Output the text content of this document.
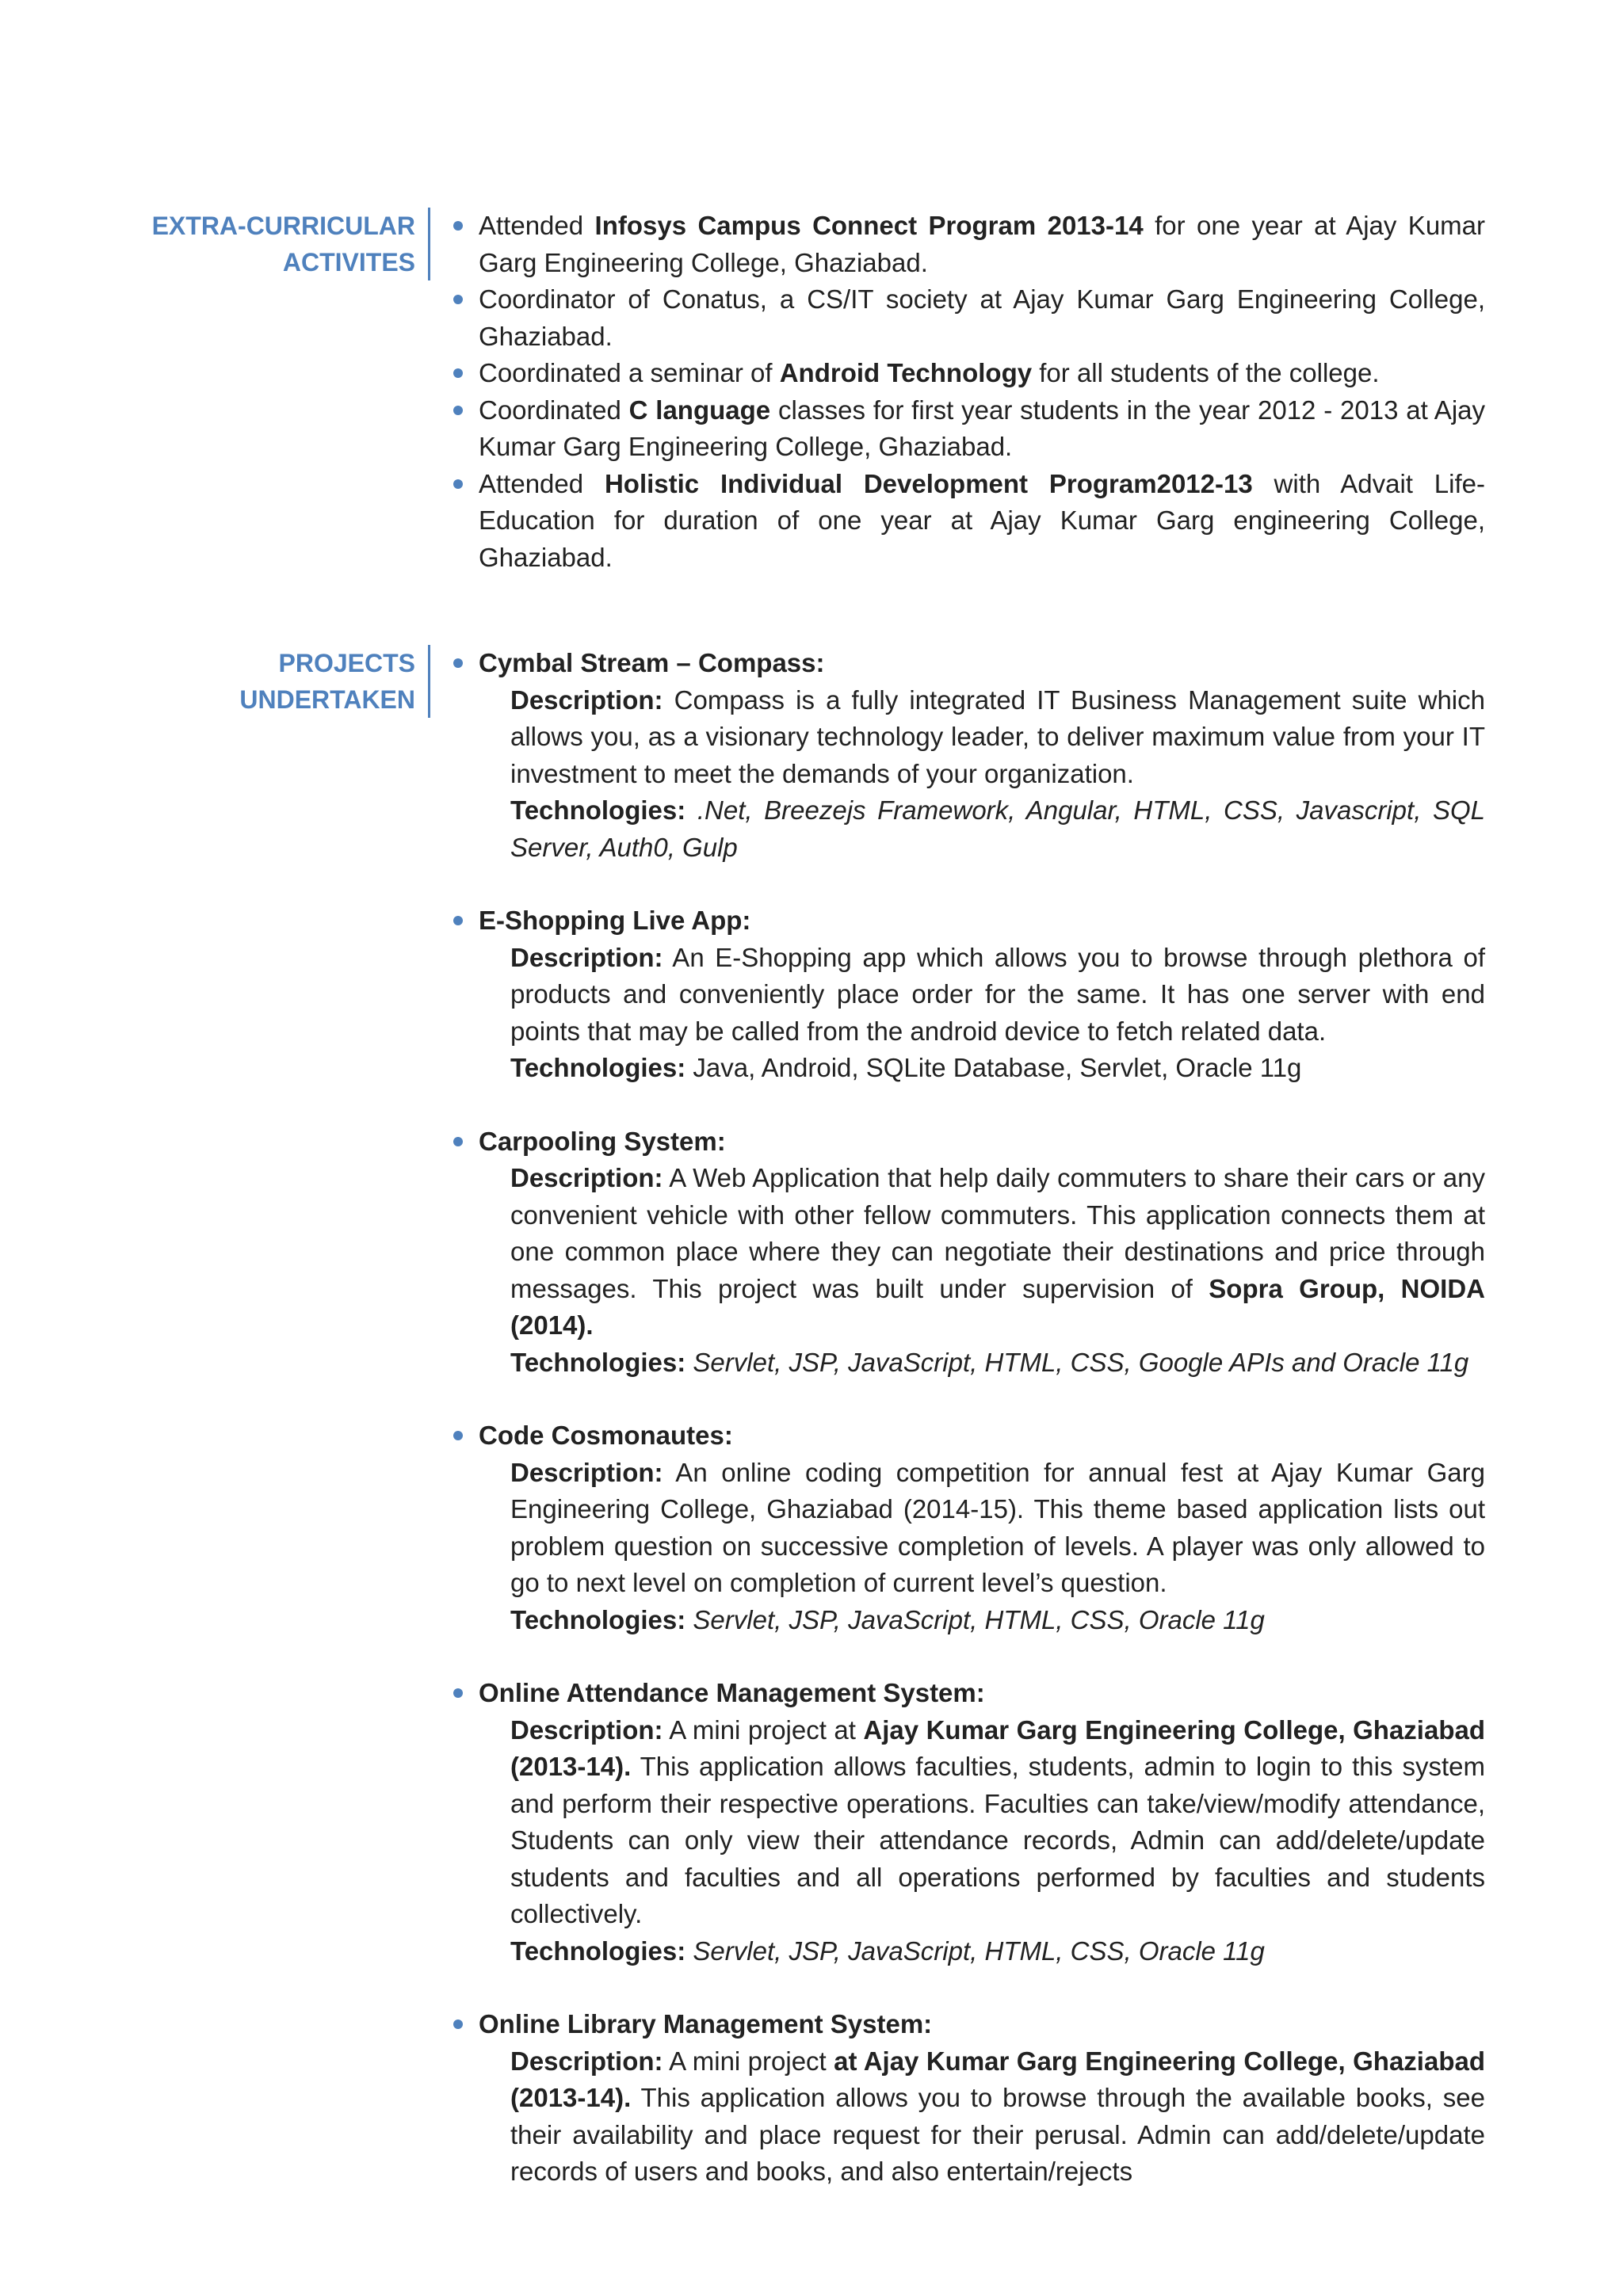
EXTRA-CURRICULAR
ACTIVITES
Attended Infosys Campus Connect Program 2013-14 for one year at Ajay Kumar Garg Engineering College, Ghaziabad.
Coordinator of Conatus, a CS/IT society at Ajay Kumar Garg Engineering College, Ghaziabad.
Coordinated a seminar of Android Technology for all students of the college.
Coordinated C language classes for first year students in the year 2012 - 2013 at Ajay Kumar Garg Engineering College, Ghaziabad.
Attended Holistic Individual Development Program2012-13 with Advait Life-Education for duration of one year at Ajay Kumar Garg engineering College, Ghaziabad.
PROJECTS
UNDERTAKEN
Cymbal Stream – Compass:
Description: Compass is a fully integrated IT Business Management suite which allows you, as a visionary technology leader, to deliver maximum value from your IT investment to meet the demands of your organization.
Technologies: .Net, Breezejs Framework, Angular, HTML, CSS, Javascript, SQL Server, Auth0, Gulp
E-Shopping Live App:
Description: An E-Shopping app which allows you to browse through plethora of products and conveniently place order for the same. It has one server with end points that may be called from the android device to fetch related data.
Technologies: Java, Android, SQLite Database, Servlet, Oracle 11g
Carpooling System:
Description: A Web Application that help daily commuters to share their cars or any convenient vehicle with other fellow commuters. This application connects them at one common place where they can negotiate their destinations and price through messages. This project was built under supervision of Sopra Group, NOIDA (2014).
Technologies: Servlet, JSP, JavaScript, HTML, CSS, Google APIs and Oracle 11g
Code Cosmonautes:
Description: An online coding competition for annual fest at Ajay Kumar Garg Engineering College, Ghaziabad (2014-15). This theme based application lists out problem question on successive completion of levels. A player was only allowed to go to next level on completion of current level’s question.
Technologies: Servlet, JSP, JavaScript, HTML, CSS, Oracle 11g
Online Attendance Management System:
Description: A mini project at Ajay Kumar Garg Engineering College, Ghaziabad (2013-14). This application allows faculties, students, admin to login to this system and perform their respective operations. Faculties can take/view/modify attendance, Students can only view their attendance records, Admin can add/delete/update students and faculties and all operations performed by faculties and students collectively.
Technologies: Servlet, JSP, JavaScript, HTML, CSS, Oracle 11g
Online Library Management System:
Description: A mini project at Ajay Kumar Garg Engineering College, Ghaziabad (2013-14). This application allows you to browse through the available books, see their availability and place request for their perusal. Admin can add/delete/update records of users and books, and also entertain/rejects
